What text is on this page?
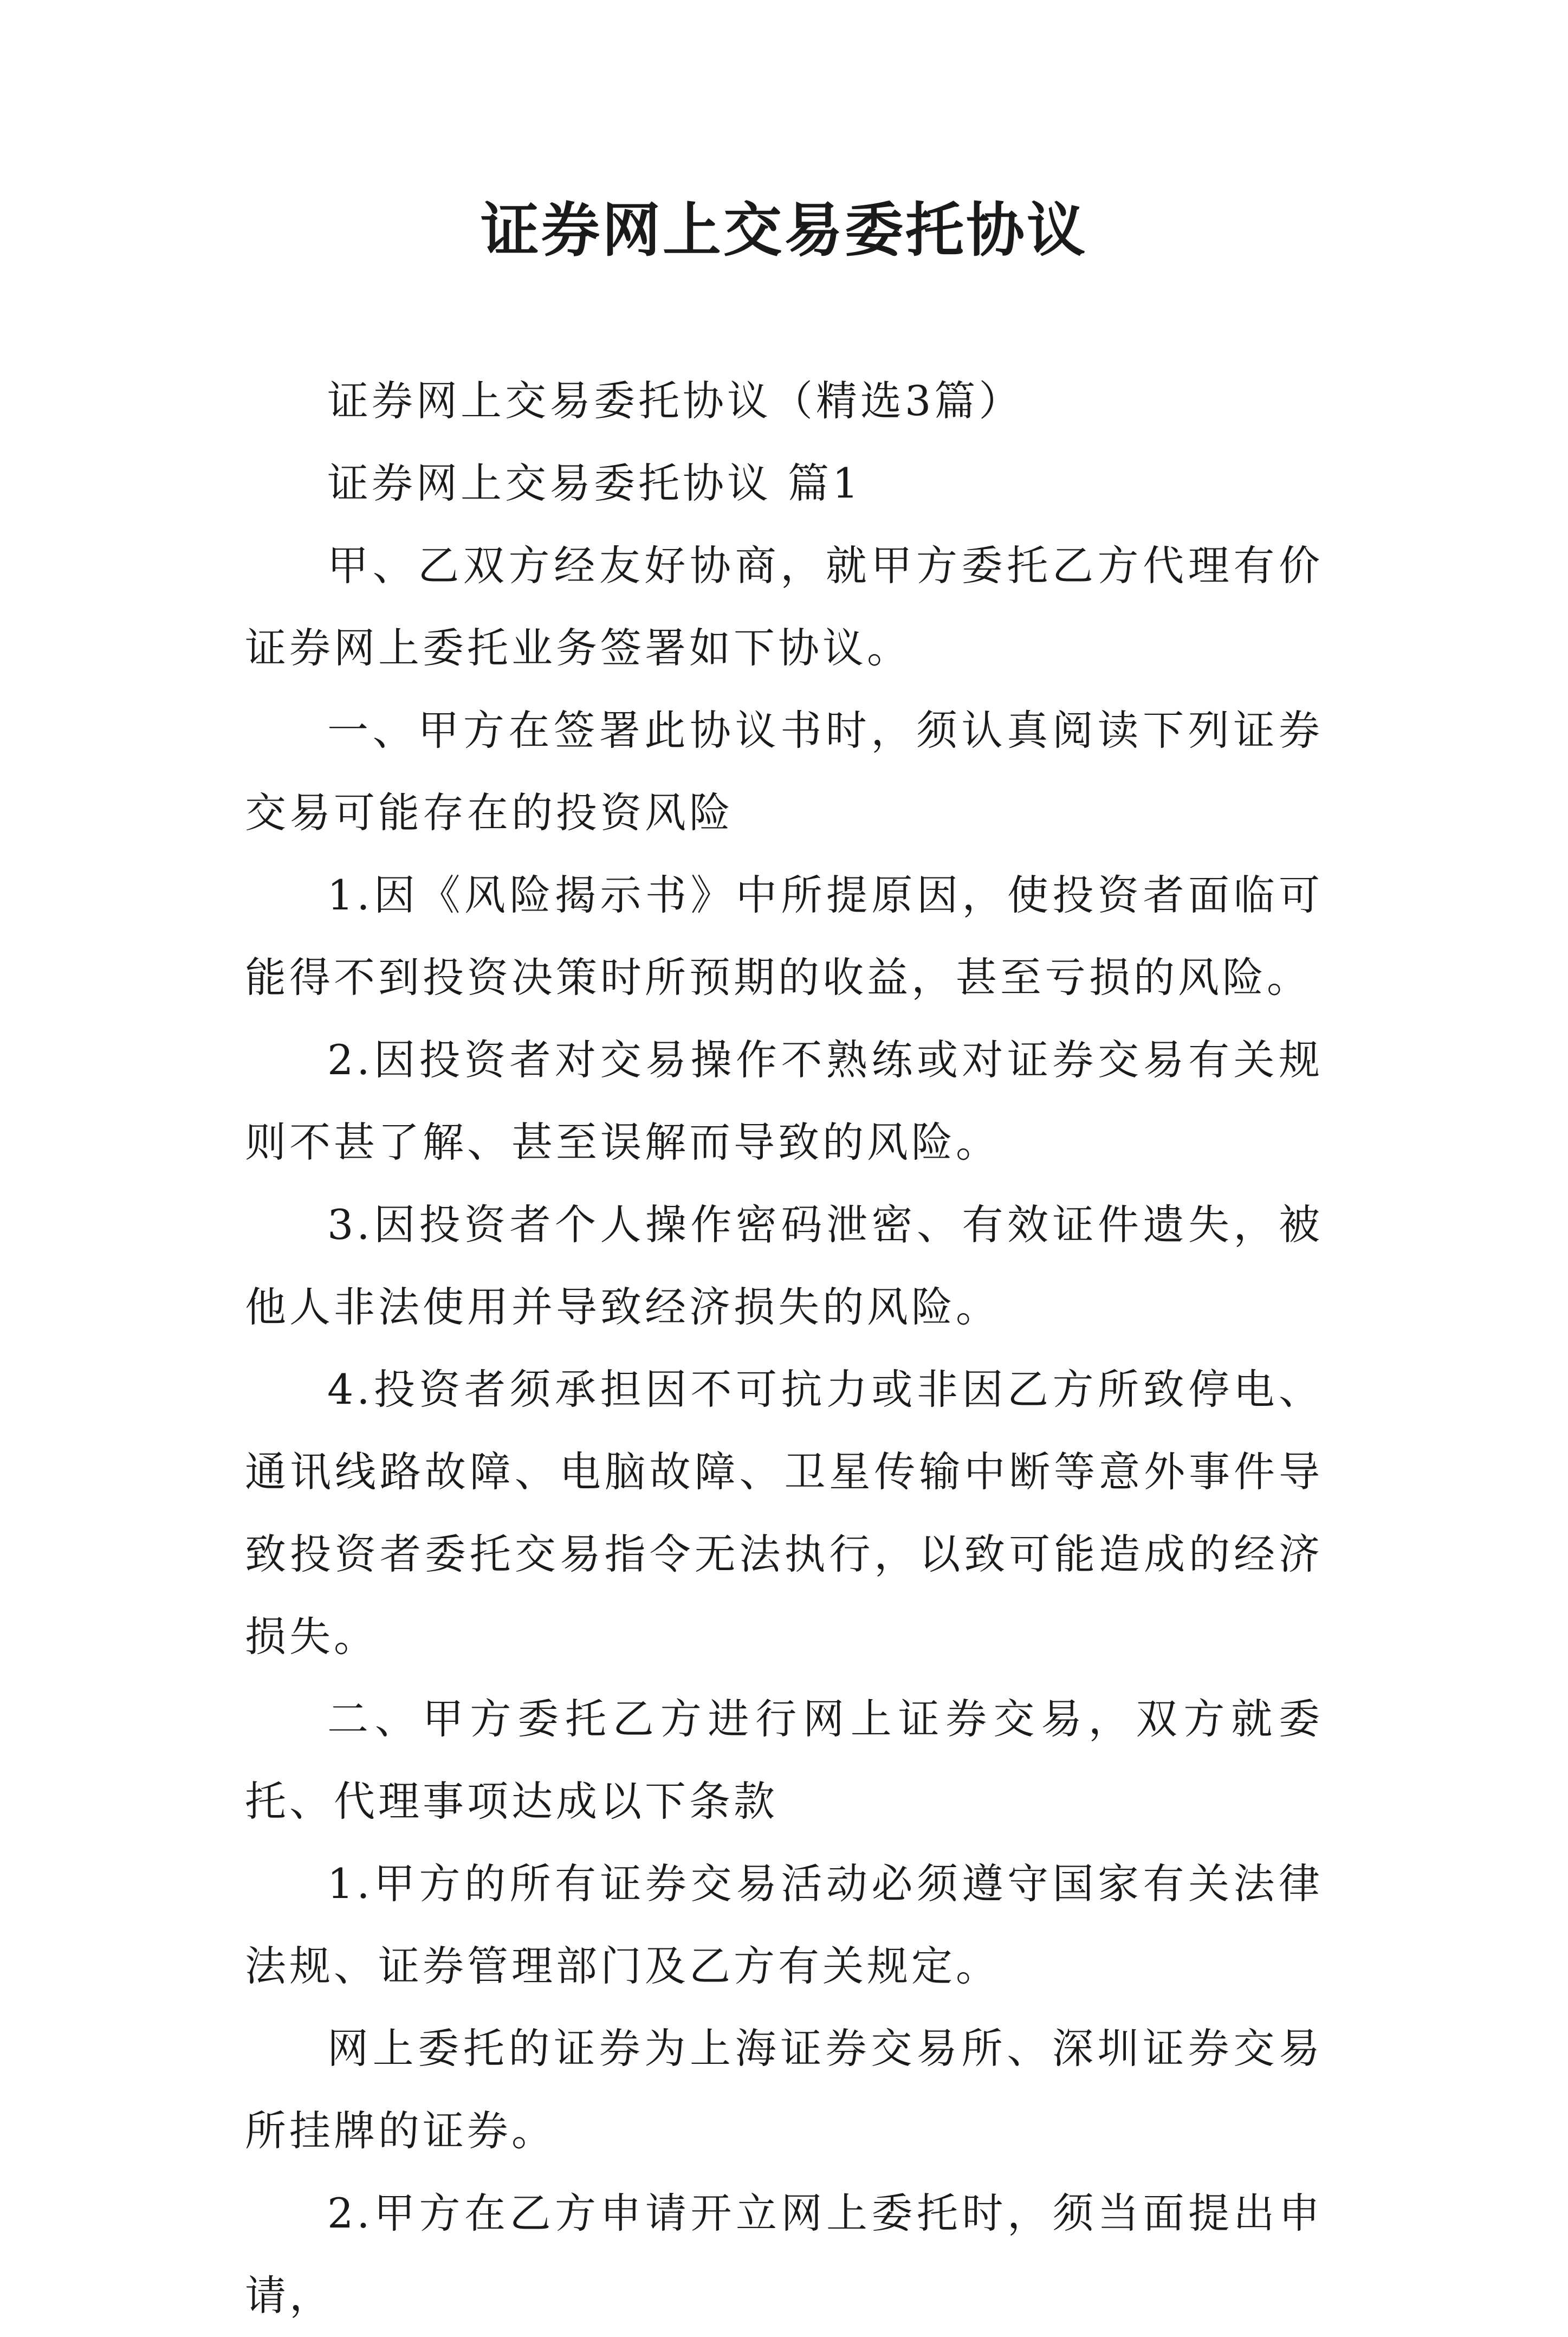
证券网上交易委托协议

证券网上交易委托协议（精选3篇）

证券网上交易委托协议 篇1

甲、乙双方经友好协商，就甲方委托乙方代理有价证券网上委托业务签署如下协议。

一、甲方在签署此协议书时，须认真阅读下列证券交易可能存在的投资风险

1.因《风险揭示书》中所提原因，使投资者面临可能得不到投资决策时所预期的收益，甚至亏损的风险。

2.因投资者对交易操作不熟练或对证券交易有关规则不甚了解、甚至误解而导致的风险。

3.因投资者个人操作密码泄密、有效证件遗失，被他人非法使用并导致经济损失的风险。

4.投资者须承担因不可抗力或非因乙方所致停电、通讯线路故障、电脑故障、卫星传输中断等意外事件导致投资者委托交易指令无法执行，以致可能造成的经济损失。

二、甲方委托乙方进行网上证券交易，双方就委托、代理事项达成以下条款

1.甲方的所有证券交易活动必须遵守国家有关法律法规、证券管理部门及乙方有关规定。

网上委托的证券为上海证券交易所、深圳证券交易所挂牌的证券。

2.甲方在乙方申请开立网上委托时，须当面提出申请，
